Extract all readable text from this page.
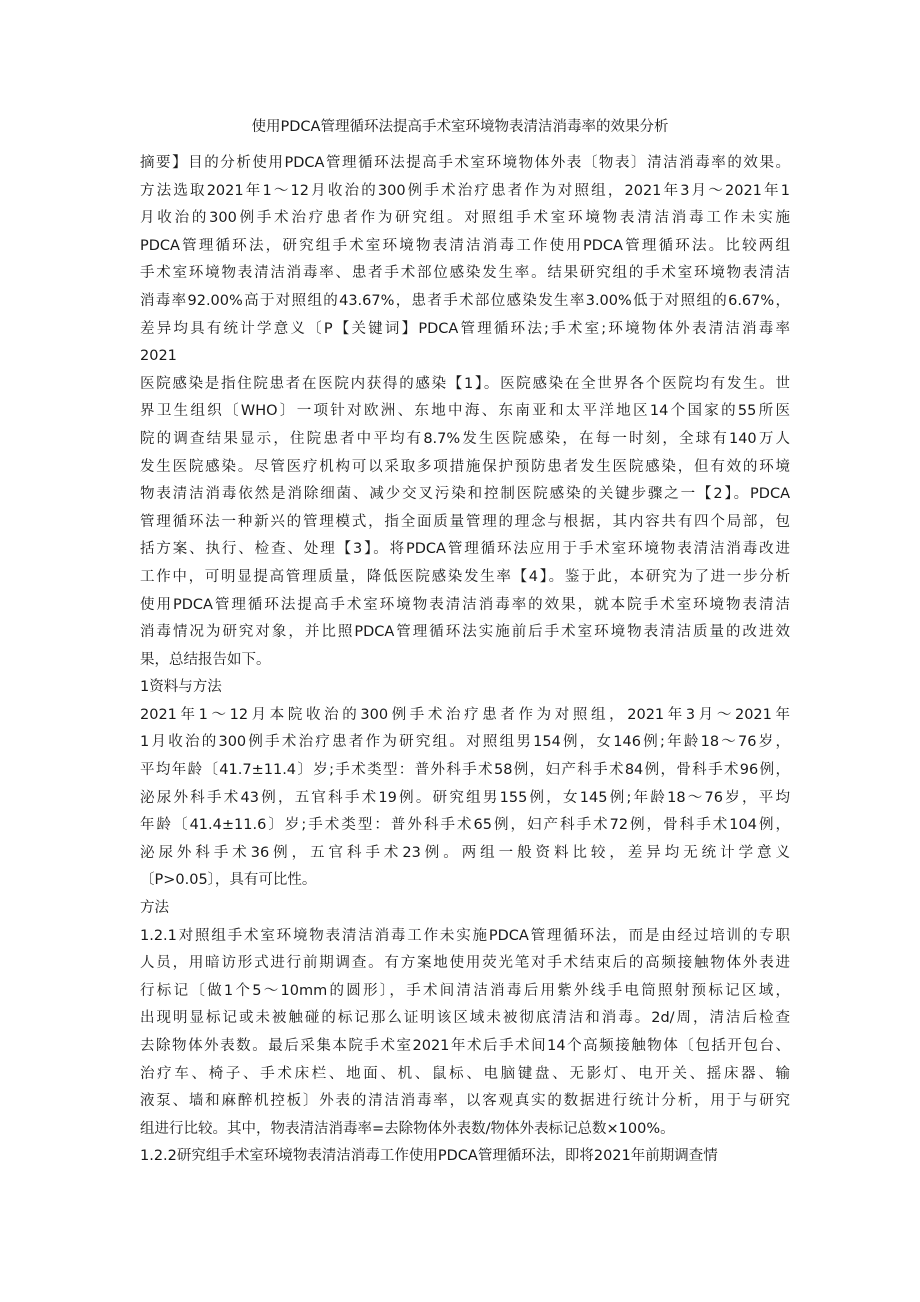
使用PDCA管理循环法提高手术室环境物表清洁消毒率的效果分析
摘要】目的分析使用PDCA管理循环法提高手术室环境物体外表〔物表〕清洁消毒率的效果。
方法选取2021年1～12月收治的300例手术治疗患者作为对照组，2021年3月～2021年1
月收治的300例手术治疗患者作为研究组。对照组手术室环境物表清洁消毒工作未实施
PDCA管理循环法，研究组手术室环境物表清洁消毒工作使用PDCA管理循环法。比较两组
手术室环境物表清洁消毒率、患者手术部位感染发生率。结果研究组的手术室环境物表清洁
消毒率92.00%高于对照组的43.67%，患者手术部位感染发生率3.00%低于对照组的6.67%，
差异均具有统计学意义〔P【关键词】PDCA管理循环法;手术室;环境物体外表清洁消毒率
2021
医院感染是指住院患者在医院内获得的感染【1】。医院感染在全世界各个医院均有发生。世
界卫生组织〔WHO〕一项针对欧洲、东地中海、东南亚和太平洋地区14个国家的55所医
院的调查结果显示，住院患者中平均有8.7%发生医院感染，在每一时刻，全球有140万人
发生医院感染。尽管医疗机构可以采取多项措施保护预防患者发生医院感染，但有效的环境
物表清洁消毒依然是消除细菌、减少交叉污染和控制医院感染的关键步骤之一【2】。PDCA
管理循环法一种新兴的管理模式，指全面质量管理的理念与根据，其内容共有四个局部，包
括方案、执行、检查、处理【3】。将PDCA管理循环法应用于手术室环境物表清洁消毒改进
工作中，可明显提高管理质量，降低医院感染发生率【4】。鉴于此，本研究为了进一步分析
使用PDCA管理循环法提高手术室环境物表清洁消毒率的效果，就本院手术室环境物表清洁
消毒情况为研究对象，并比照PDCA管理循环法实施前后手术室环境物表清洁质量的改进效
果，总结报告如下。
1资料与方法
2021年1～12月本院收治的300例手术治疗患者作为对照组，2021年3月～2021年
1月收治的300例手术治疗患者作为研究组。对照组男154例，女146例;年龄18～76岁，
平均年龄〔41.7±11.4〕岁;手术类型：普外科手术58例，妇产科手术84例，骨科手术96例，
泌尿外科手术43例，五官科手术19例。研究组男155例，女145例;年龄18～76岁，平均
年龄〔41.4±11.6〕岁;手术类型：普外科手术65例，妇产科手术72例，骨科手术104例，
泌尿外科手术36例，五官科手术23例。两组一般资料比较，差异均无统计学意义
〔P>0.05〕，具有可比性。
方法
1.2.1对照组手术室环境物表清洁消毒工作未实施PDCA管理循环法，而是由经过培训的专职
人员，用暗访形式进行前期调查。有方案地使用荧光笔对手术结束后的高频接触物体外表进
行标记〔做1个5～10mm的圆形〕，手术间清洁消毒后用紫外线手电筒照射预标记区域，
出现明显标记或未被触碰的标记那么证明该区域未被彻底清洁和消毒。2d/周，清洁后检查
去除物体外表数。最后采集本院手术室2021年术后手术间14个高频接触物体〔包括开包台、
治疗车、椅子、手术床栏、地面、机、鼠标、电脑键盘、无影灯、电开关、摇床器、输
液泵、墙和麻醉机控板〕外表的清洁消毒率，以客观真实的数据进行统计分析，用于与研究
组进行比较。其中，物表清洁消毒率=去除物体外表数/物体外表标记总数×100%。
1.2.2研究组手术室环境物表清洁消毒工作使用PDCA管理循环法，即将2021年前期调查情
